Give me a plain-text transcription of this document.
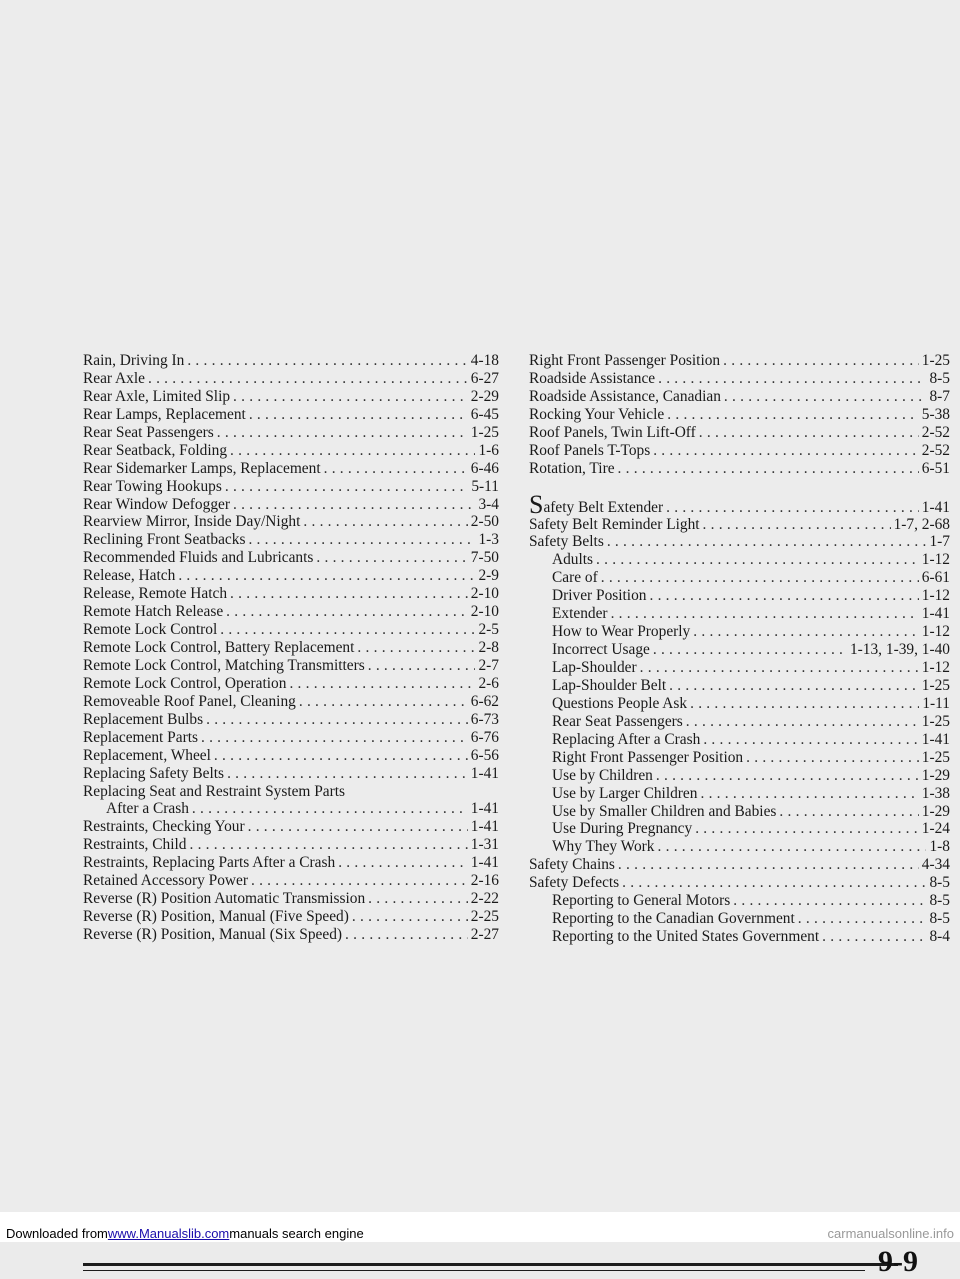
Rain, Driving In . . .	4-18
Rear Axle . . .	6-27
Rear Axle, Limited Slip . . .	2-29
Rear Lamps, Replacement . . .	6-45
Rear Seat Passengers . . .	1-25
Rear Seatback, Folding . . .	1-6
Rear Sidemarker Lamps, Replacement . . .	6-46
Rear Towing Hookups . . .	5-11
Rear Window Defogger . . .	3-4
Rearview Mirror, Inside Day/Night . . .	2-50
Reclining Front Seatbacks . . .	1-3
Recommended Fluids and Lubricants . . .	7-50
Release, Hatch . . .	2-9
Release, Remote Hatch . . .	2-10
Remote Hatch Release . . .	2-10
Remote Lock Control . . .	2-5
Remote Lock Control, Battery Replacement . . .	2-8
Remote Lock Control, Matching Transmitters . . .	2-7
Remote Lock Control, Operation . . .	2-6
Removeable Roof Panel, Cleaning . . .	6-62
Replacement Bulbs . . .	6-73
Replacement Parts . . .	6-76
Replacement, Wheel . . .	6-56
Replacing Safety Belts . . .	1-41
Replacing Seat and Restraint System Parts
After a Crash . . .	1-41
Restraints, Checking Your . . .	1-41
Restraints, Child . . .	1-31
Restraints, Replacing Parts After a Crash . . .	1-41
Retained Accessory Power . . .	2-16
Reverse (R) Position Automatic Transmission . . .	2-22
Reverse (R) Position, Manual (Five Speed) . . .	2-25
Reverse (R) Position, Manual (Six Speed) . . .	2-27
Right Front Passenger Position . . .	1-25
Roadside Assistance . . .	8-5
Roadside Assistance, Canadian . . .	8-7
Rocking Your Vehicle . . .	5-38
Roof Panels, Twin Lift-Off . . .	2-52
Roof Panels T-Tops . . .	2-52
Rotation, Tire . . .	6-51
Safety Belt Extender . . .	1-41
Safety Belt Reminder Light . . .	1-7, 2-68
Safety Belts . . .	1-7
Adults . . .	1-12
Care of . . .	6-61
Driver Position . . .	1-12
Extender . . .	1-41
How to Wear Properly . . .	1-12
Incorrect Usage . . .	1-13, 1-39, 1-40
Lap-Shoulder . . .	1-12
Lap-Shoulder Belt . . .	1-25
Questions People Ask . . .	1-11
Rear Seat Passengers . . .	1-25
Replacing After a Crash . . .	1-41
Right Front Passenger Position . . .	1-25
Use by Children . . .	1-29
Use by Larger Children . . .	1-38
Use by Smaller Children and Babies . . .	1-29
Use During Pregnancy . . .	1-24
Why They Work . . .	1-8
Safety Chains . . .	4-34
Safety Defects . . .	8-5
Reporting to General Motors . . .	8-5
Reporting to the Canadian Government . . .	8-5
Reporting to the United States Government . . .	8-4
9-9
Downloaded fromwww.Manualslib.commanuals search engine	carmanualsonline.info
